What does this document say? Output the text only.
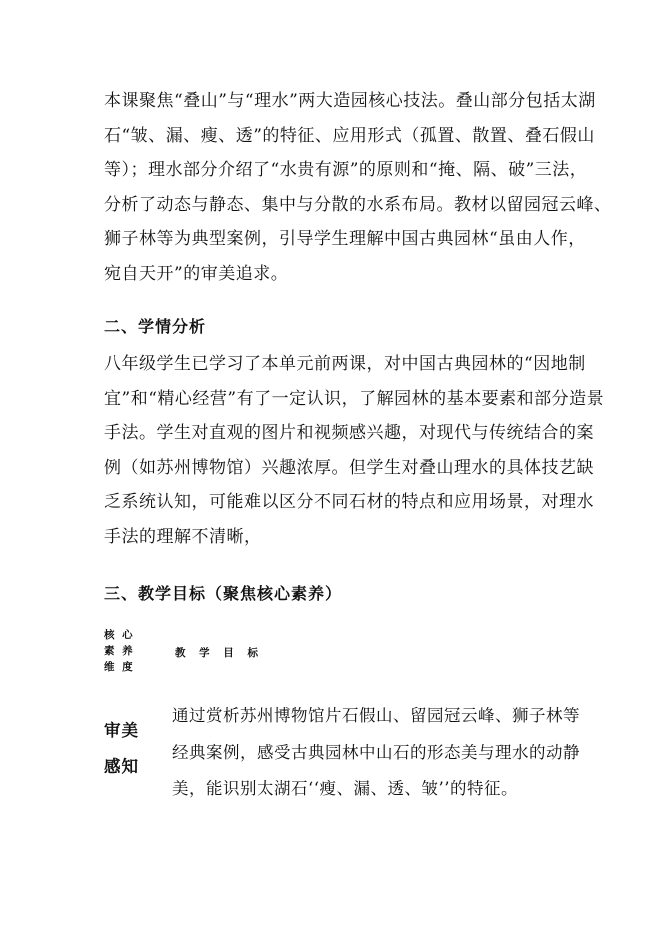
本课聚焦“叠山”与“理水”两大造园核心技法。叠山部分包括太湖
石“皱、漏、瘦、透”的特征、应用形式（孤置、散置、叠石假山
等）；理水部分介绍了“水贵有源”的原则和“掩、隔、破”三法，
分析了动态与静态、集中与分散的水系布局。教材以留园冠云峰、
狮子林等为典型案例，引导学生理解中国古典园林“虽由人作，
宛自天开”的审美追求。
二、学情分析
八年级学生已学习了本单元前两课，对中国古典园林的“因地制
宜”和“精心经营”有了一定认识，了解园林的基本要素和部分造景
手法。学生对直观的图片和视频感兴趣，对现代与传统结合的案
例（如苏州博物馆）兴趣浓厚。但学生对叠山理水的具体技艺缺
乏系统认知，可能难以区分不同石材的特点和应用场景，对理水
手法的理解不清晰，
三、教学目标（聚焦核心素养）
核 心
素 养
维 度
教 学 目 标
审美
感知
通过赏析苏州博物馆片石假山、留园冠云峰、狮子林等
经典案例，感受古典园林中山石的形态美与理水的动静
美，能识别太湖石‘‘瘦、漏、透、皱’’的特征。
